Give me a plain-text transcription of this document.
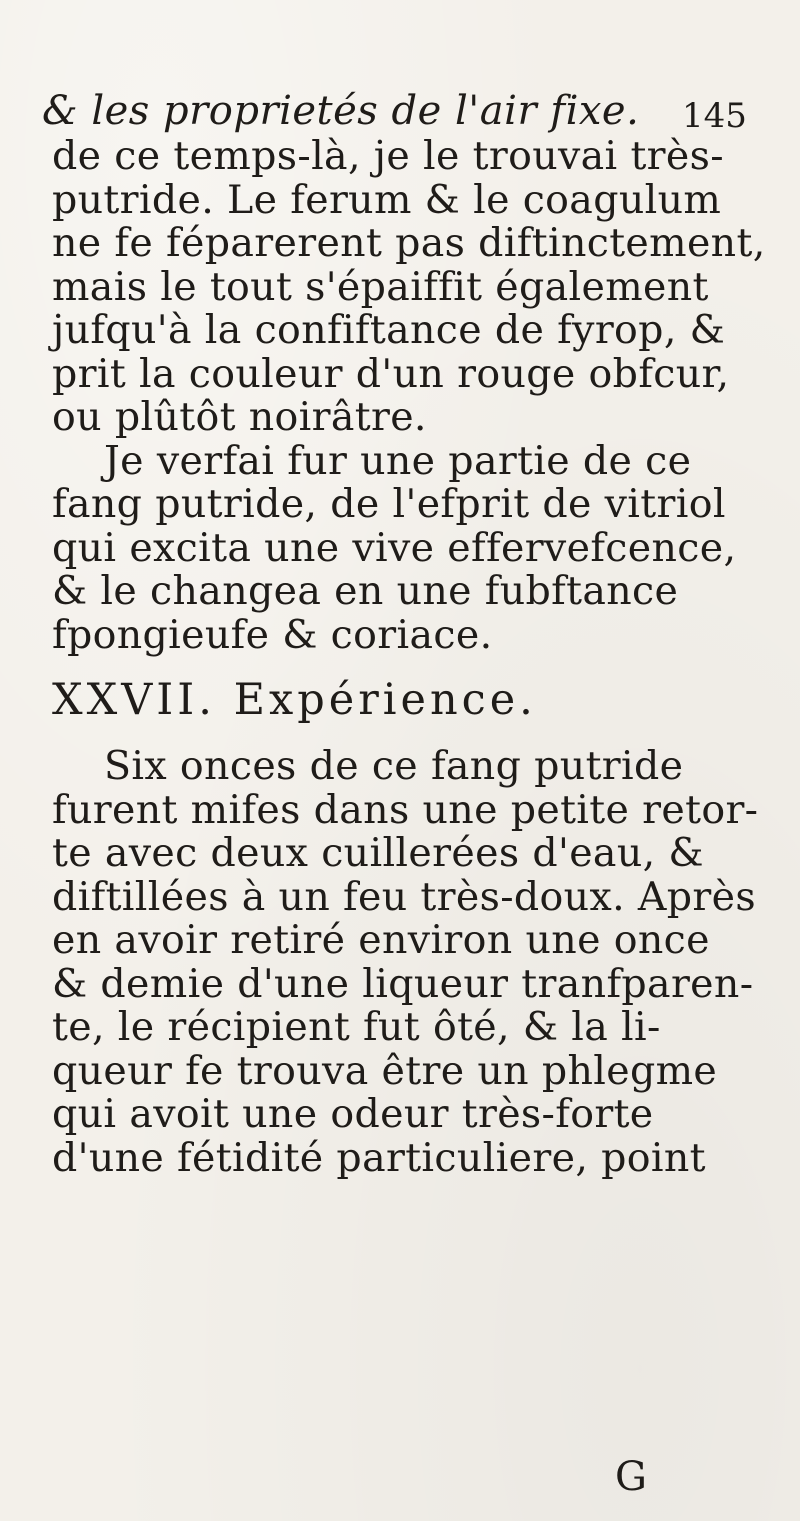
& les proprietés de l'air fixe. 145
de ce temps-là, je le trouvai très-
putride. Le ferum & le coagulum
ne fe féparerent pas diftinctement,
mais le tout s'épaiffit également
jufqu'à la confiftance de fyrop, &
prit la couleur d'un rouge obfcur,
ou plûtôt noirâtre.
Je verfai fur une partie de ce
fang putride, de l'efprit de vitriol
qui excita une vive effervefcence,
& le changea en une fubftance
fpongieufe & coriace.
XXVII. Expérience.
Six onces de ce fang putride
furent mifes dans une petite retor-
te avec deux cuillerées d'eau, &
diftillées à un feu très-doux. Après
en avoir retiré environ une once
& demie d'une liqueur tranfparen-
te, le récipient fut ôté, & la li-
queur fe trouva être un phlegme
qui avoit une odeur très-forte
d'une fétidité particuliere, point
G
